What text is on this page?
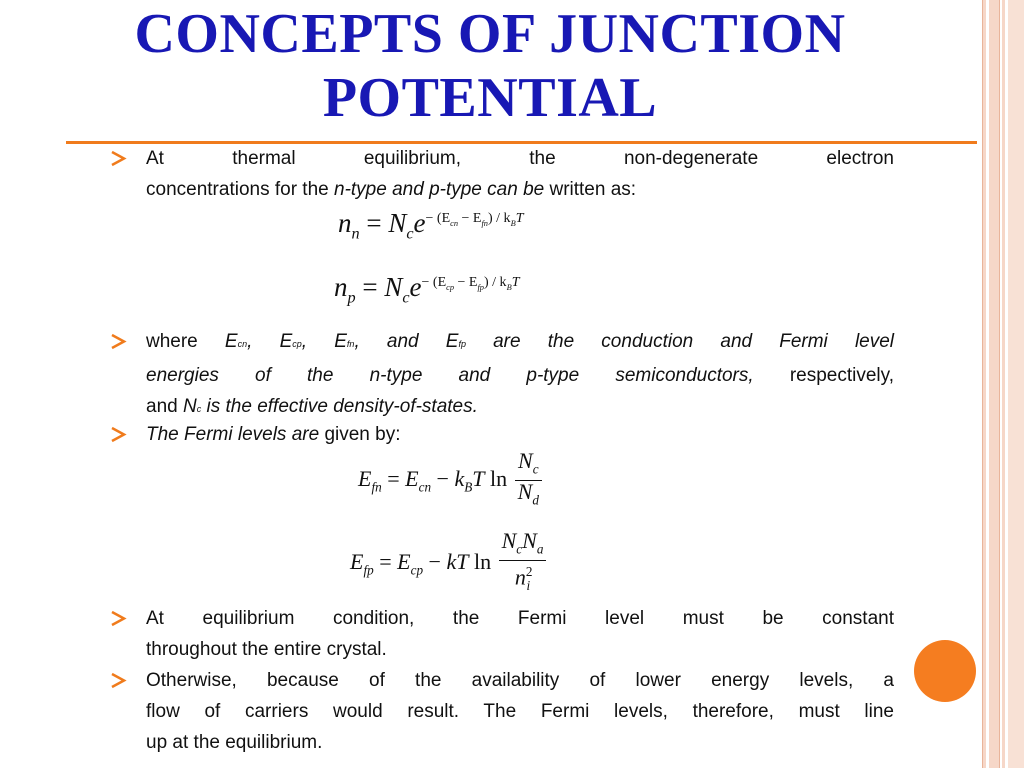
CONCEPTS OF JUNCTION
POTENTIAL
At thermal equilibrium, the non-degenerate electron
concentrations for the n-type and p-type can be written as:
$n_n = N_ce^{- (E_{cn} - E_{fn}) / k_BT}$
$n_p = N_ce^{- (E_{cp} - E_{fp}) / k_BT}$
where Ecn, Ecp, Efn, and Efp are the conduction and Fermi level
energies of the n-type and p-type semiconductors, respectively,
and Nc is the effective density-of-states.
The Fermi levels are given by:
$E_{fn} = E_{cn} - k_BT$ $\ln \frac{N_c}{N_d}$
$E_{fp} = E_{cp}$ − kT $\ln \frac{N_cN_a}{n^2_i}$
At equilibrium condition, the Fermi level must be constant
throughout the entire crystal.
Otherwise, because of the availability of lower energy levels, a
flow of carriers would result. The Fermi levels, therefore, must line
up at the equilibrium.
